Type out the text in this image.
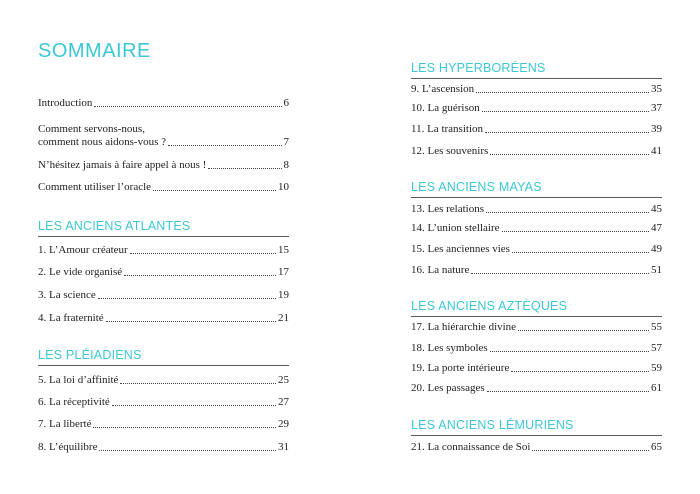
SOMMAIRE
Introduction	6
Comment servons-nous,
comment nous aidons-vous ?	7
N’hésitez jamais à faire appel à nous !	8
Comment utiliser l’oracle	10
LES ANCIENS ATLANTES
1. L’Amour créateur	15
2. Le vide organisé	17
3. La science	19
4. La fraternité	21
LES PLÉIADIENS
5. La loi d’affinité	25
6. La réceptivité	27
7. La liberté	29
8. L’équilibre	31
LES HYPERBORÉENS
9. L’ascension	35
10. La guérison	37
11. La transition	39
12. Les souvenirs	41
LES ANCIENS MAYAS
13. Les relations	45
14. L’union stellaire	47
15. Les anciennes vies	49
16. La nature	51
LES ANCIENS AZTÈQUES
17. La hiérarchie divine	55
18. Les symboles	57
19. La porte intérieure	59
20. Les passages	61
LES ANCIENS LÉMURIENS
21. La connaissance de Soi	65
